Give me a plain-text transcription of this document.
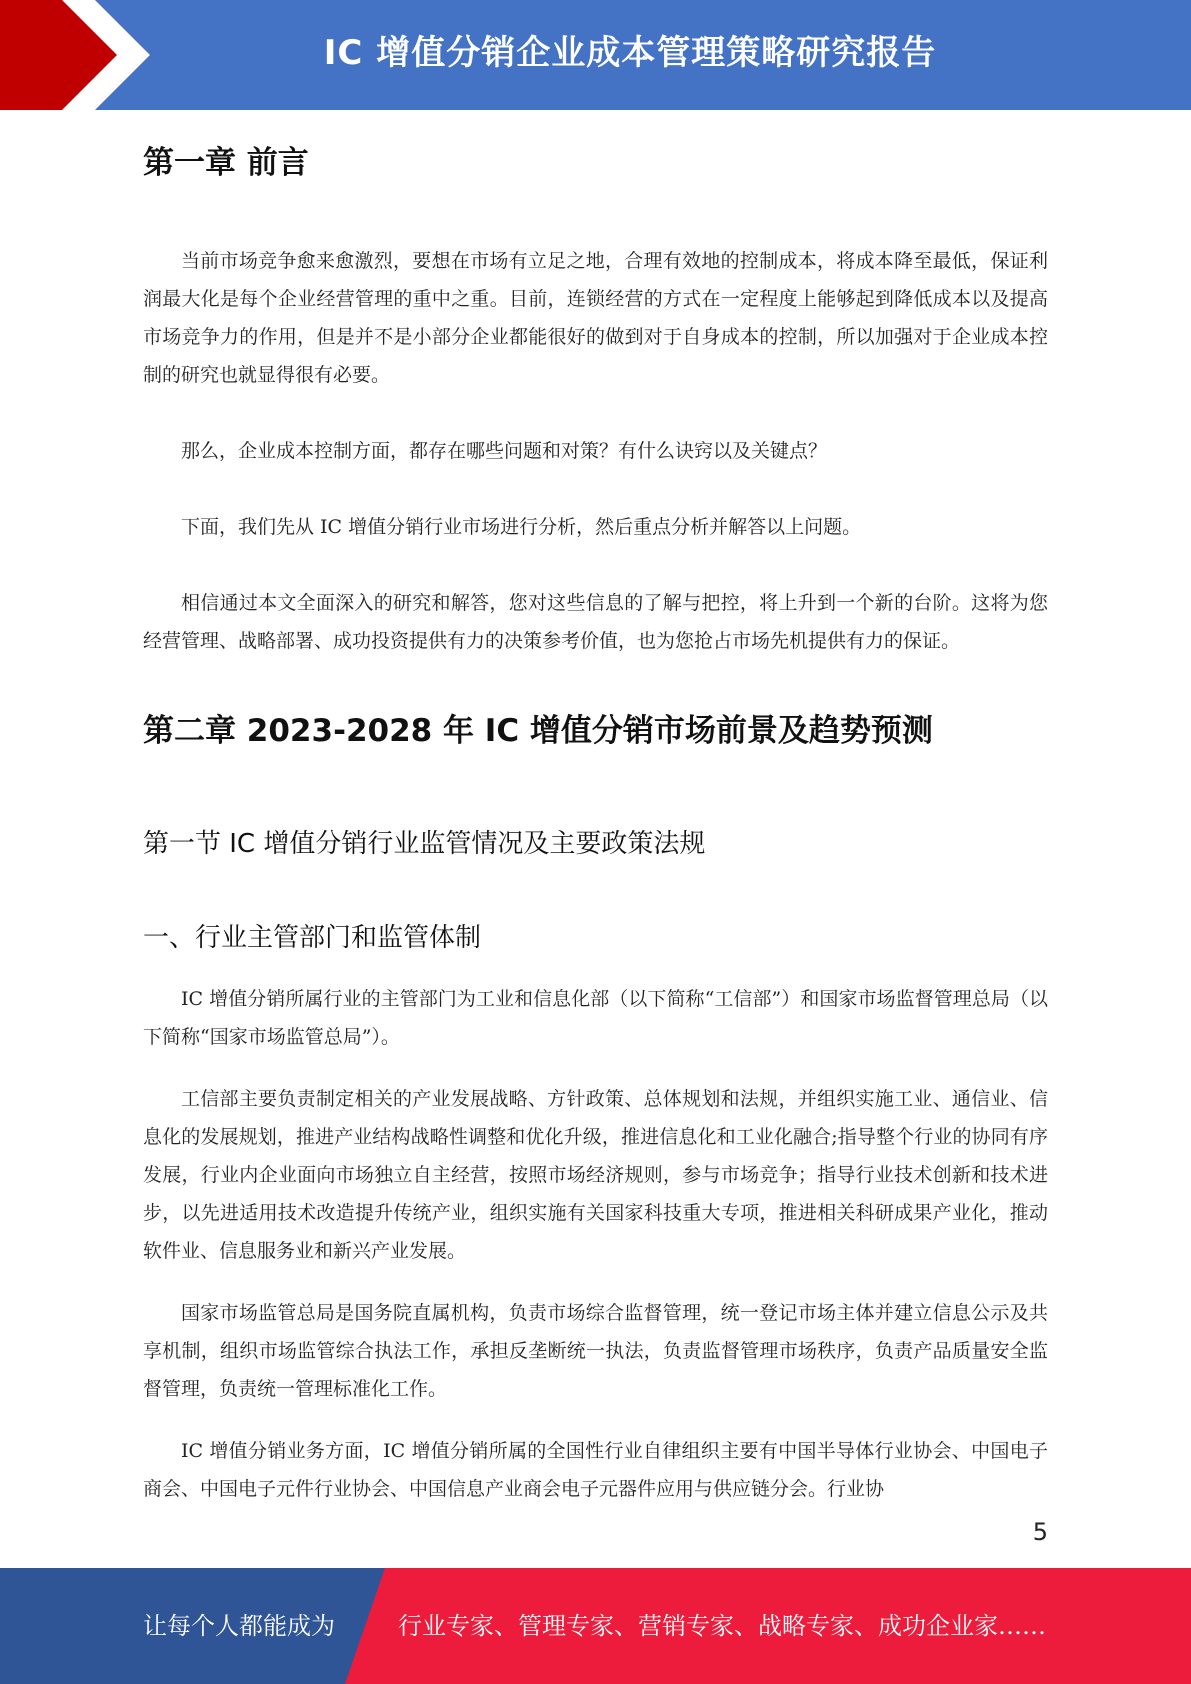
IC 增值分销企业成本管理策略研究报告
第一章 前言

当前市场竞争愈来愈激烈，要想在市场有立足之地，合理有效地的控制成本，将成本降至最低，保证利润最大化是每个企业经营管理的重中之重。目前，连锁经营的方式在一定程度上能够起到降低成本以及提高市场竞争力的作用，但是并不是小部分企业都能很好的做到对于自身成本的控制，所以加强对于企业成本控制的研究也就显得很有必要。

那么，企业成本控制方面，都存在哪些问题和对策？有什么诀窍以及关键点？

下面，我们先从 IC 增值分销行业市场进行分析，然后重点分析并解答以上问题。

相信通过本文全面深入的研究和解答，您对这些信息的了解与把控，将上升到一个新的台阶。这将为您经营管理、战略部署、成功投资提供有力的决策参考价值，也为您抢占市场先机提供有力的保证。

第二章 2023-2028 年 IC 增值分销市场前景及趋势预测
第一节 IC 增值分销行业监管情况及主要政策法规
一、行业主管部门和监管体制

IC 增值分销所属行业的主管部门为工业和信息化部（以下简称“工信部”）和国家市场监督管理总局（以下简称“国家市场监管总局”）。

工信部主要负责制定相关的产业发展战略、方针政策、总体规划和法规，并组织实施工业、通信业、信息化的发展规划，推进产业结构战略性调整和优化升级，推进信息化和工业化融合;指导整个行业的协同有序发展，行业内企业面向市场独立自主经营，按照市场经济规则，参与市场竞争；指导行业技术创新和技术进步，以先进适用技术改造提升传统产业，组织实施有关国家科技重大专项，推进相关科研成果产业化，推动软件业、信息服务业和新兴产业发展。

国家市场监管总局是国务院直属机构，负责市场综合监督管理，统一登记市场主体并建立信息公示及共享机制，组织市场监管综合执法工作，承担反垄断统一执法，负责监督管理市场秩序，负责产品质量安全监督管理，负责统一管理标准化工作。

IC 增值分销业务方面，IC 增值分销所属的全国性行业自律组织主要有中国半导体行业协会、中国电子商会、中国电子元件行业协会、中国信息产业商会电子元器件应用与供应链分会。行业协

5
让每个人都能成为	行业专家、管理专家、营销专家、战略专家、成功企业家……
